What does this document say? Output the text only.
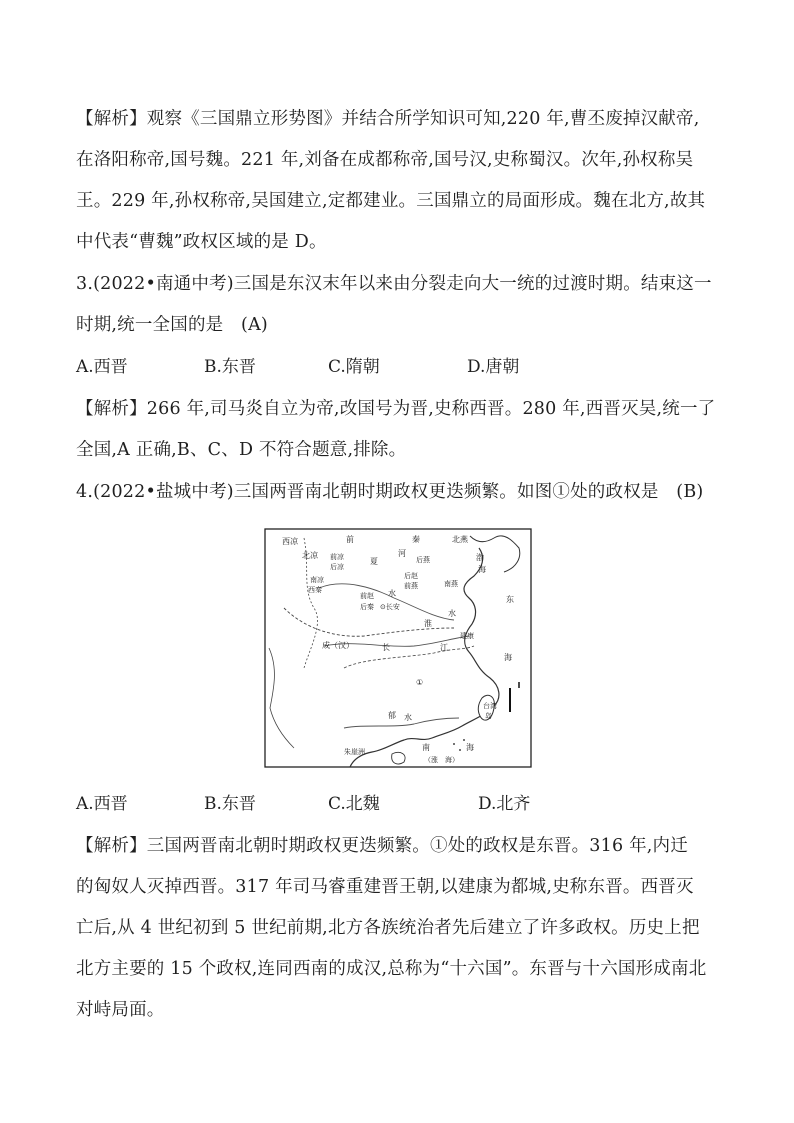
【解析】观察《三国鼎立形势图》并结合所学知识可知,220 年,曹丕废掉汉献帝,
在洛阳称帝,国号魏。221 年,刘备在成都称帝,国号汉,史称蜀汉。次年,孙权称吴
王。229 年,孙权称帝,吴国建立,定都建业。三国鼎立的局面形成。魏在北方,故其
中代表“曹魏”政权区域的是 D。
3.(2022•南通中考)三国是东汉末年以来由分裂走向大一统的过渡时期。结束这一
时期,统一全国的是　(A)
A.西晋	B.东晋	C.隋朝	D.唐朝
【解析】266 年,司马炎自立为帝,改国号为晋,史称西晋。280 年,西晋灭吴,统一了
全国,A 正确,B、C、D 不符合题意,排除。
4.(2022•盐城中考)三国两晋南北朝时期政权更迭频繁。如图①处的政权是　(B)
西凉	前	秦	北燕
北凉 前凉
后凉
夏
河
后燕	渤
海
南凉
西秦
后赵
前燕	南燕
前赵 水
⊙长安
后秦
水
东
淮
建康
成（汉）	长	江
海
①
郁 水
台湾
岛
朱崖洲	南	海
（涨　海）
A.西晋	B.东晋	C.北魏	D.北齐
【解析】三国两晋南北朝时期政权更迭频繁。①处的政权是东晋。316 年,内迁
的匈奴人灭掉西晋。317 年司马睿重建晋王朝,以建康为都城,史称东晋。西晋灭
亡后,从 4 世纪初到 5 世纪前期,北方各族统治者先后建立了许多政权。历史上把
北方主要的 15 个政权,连同西南的成汉,总称为“十六国”。东晋与十六国形成南北
对峙局面。
